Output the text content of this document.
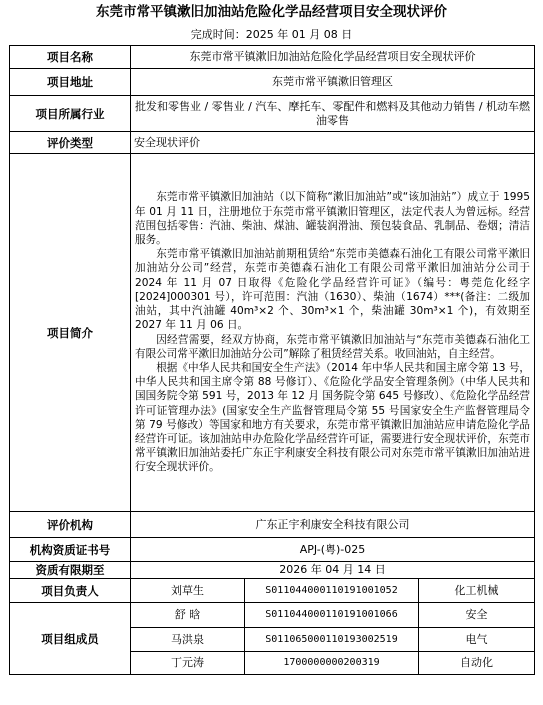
东莞市常平镇漱旧加油站危险化学品经营项目安全现状评价
完成时间：2025 年 01 月 08 日
项目名称	东莞市常平镇漱旧加油站危险化学品经营项目安全现状评价		
项目地址	东莞市常平镇漱旧管理区		
项目所属行业	批发和零售业 / 零售业 / 汽车、摩托车、零配件和燃料及其他动力销售 / 机动车燃油零售		
评价类型	安全现状评价		
项目简介	东莞市常平镇漱旧加油站（以下简称“漱旧加油站”或“该加油站”）成立于 1995 年 01 月 11 日，注册地位于东莞市常平镇漱旧管理区，法定代表人为曾远标。经营范围包括零售：汽油、柴油、煤油、罐装润滑油、预包装食品、乳制品、卷烟；清洁服务。

东莞市常平镇漱旧加油站前期租赁给“东莞市美德森石油化工有限公司常平漱旧加油站分公司”经营，东莞市美德森石油化工有限公司常平漱旧加油站分公司于 2024 年 11 月 07 日取得《危险化学品经营许可证》（编号：粤莞危化经字[2024]000301 号），许可范围：汽油（1630）、柴油（1674）***(备注：二级加油站，其中汽油罐 40m³×2 个、30m³×1 个，柴油罐 30m³×1 个)，有效期至 2027 年 11 月 06 日。

因经营需要，经双方协商，东莞市常平镇漱旧加油站与“东莞市美德森石油化工有限公司常平漱旧加油站分公司”解除了租赁经营关系。收回油站，自主经营。

根据《中华人民共和国安全生产法》（2014 年中华人民共和国主席令第 13 号，中华人民共和国主席令第 88 号修订）、《危险化学品安全管理条例》（中华人民共和国国务院令第 591 号，2013 年 12 月 国务院令第 645 号修改）、《危险化学品经营许可证管理办法》(国家安全生产监督管理局令第 55 号国家安全生产监督管理局令第 79 号修改）等国家和地方有关要求，东莞市常平镇漱旧加油站应申请危险化学品经营许可证。该加油站申办危险化学品经营许可证，需要进行安全现状评价，东莞市常平镇漱旧加油站委托广东正宇利康安全科技有限公司对东莞市常平镇漱旧加油站进行安全现状评价。		

评价机构	广东正宇利康安全科技有限公司		
机构资质证书号	APJ-(粤)-025		
资质有限期至	2026 年 04 月 14 日		
项目负责人	刘草生	S011044000110191001052	化工机械
项目组成员	舒 晗	S011044000110191001066	安全
	马洪泉	S011065000110193002519	电气
	丁元涛	1700000000200319	自动化
